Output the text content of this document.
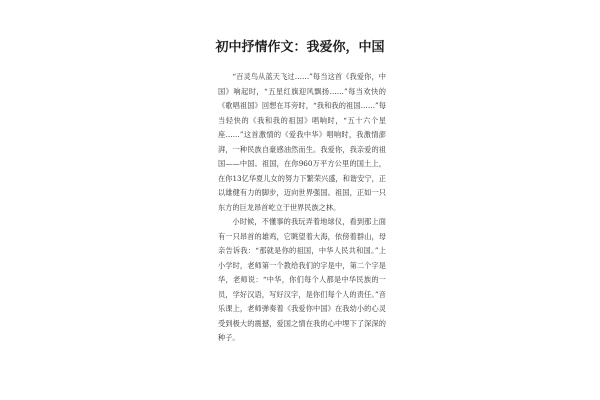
初中抒情作文：我爱你，中国

“百灵鸟从蓝天飞过……”每当这首《我爱你，中国》响起时，“五星红旗迎风飘扬……”每当欢快的《歌唱祖国》回想在耳旁时，“我和我的祖国……”每当轻快的《我和我的祖国》唱响时，“五十六个星座……”这首激情的《爱我中华》唱响时，我激情澎湃，一种民族自豪感油然而生。我爱你，我亲爱的祖国——中国。祖国，在你960万平方公里的国土上，在你13亿华夏儿女的努力下繁荣兴盛，和谐安宁，正以雄健有力的脚步，迈向世界强国。祖国，正如一只东方的巨龙昂首屹立于世界民族之林。

小时候，不懂事的我玩弄着地球仪，看到那上面有一只昂首的雄鸡，它眺望着大海，依傍着群山，母亲告诉我：“那就是你的祖国，中华人民共和国。”上小学时，老师第一个教给我们的字是中，第二个字是华，老师说：“中华，你们每个人都是中华民族的一员，学好汉语，写好汉字，是你们每个人的责任。”音乐课上，老师弹奏着《我爱你中国》在我幼小的心灵受到极大的震撼，爱国之情在我的心中埋下了深深的种子。
